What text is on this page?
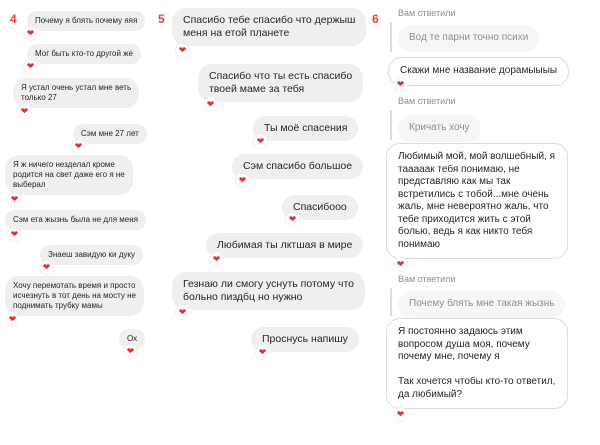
4	Почему я блять почему яяя
❤
Мог быть кто-то другой же
❤
Я устал очень устал мне веть
только 27
❤
Сэм мне 27 лет
❤
Я ж ничего незделал кроме
родится на свет даже его я не
выберал
❤
Сэм ета жызнь была не для меня
❤
Знаеш завидую ки дуку
❤
Хочу перемотать время и просто
исчезнуть в тот день на мосту не
поднимать трубку мамы
❤
Ох
❤
5	Спасибо тебе спасибо что держыш
меня на етой планете
❤
Спасибо что ты есть спасибо
твоей маме за тебя
❤
Ты моё спасения
❤
Сэм спасибо большое
❤
Спасибооо
❤
Любимая ты лктшая в мире
❤
Гезнаю ли смогу уснуть потому что
больно пиздбц но нужно
❤
Проснусь напишу
❤
6 Вам ответили
Вод те парни точно психи
Скажи мне название дорамыыыы
❤
Вам ответили
Кричать хочу
Любимый мой, мой волшебный, я
тааааак тебя понимаю, не
представляю как мы так
встретились с тобой...мне очень
жаль, мне невероятно жаль, что
тебе приходится жить с этой
болью, ведь я как никто тебя
понимаю
❤
Вам ответили
Почему блять мне такая жызнь
Я постоянно задаюсь этим
вопросом душа моя, почему
почему мне, почему я

Так хочется чтобы кто-то ответил,
да любимый?
❤
